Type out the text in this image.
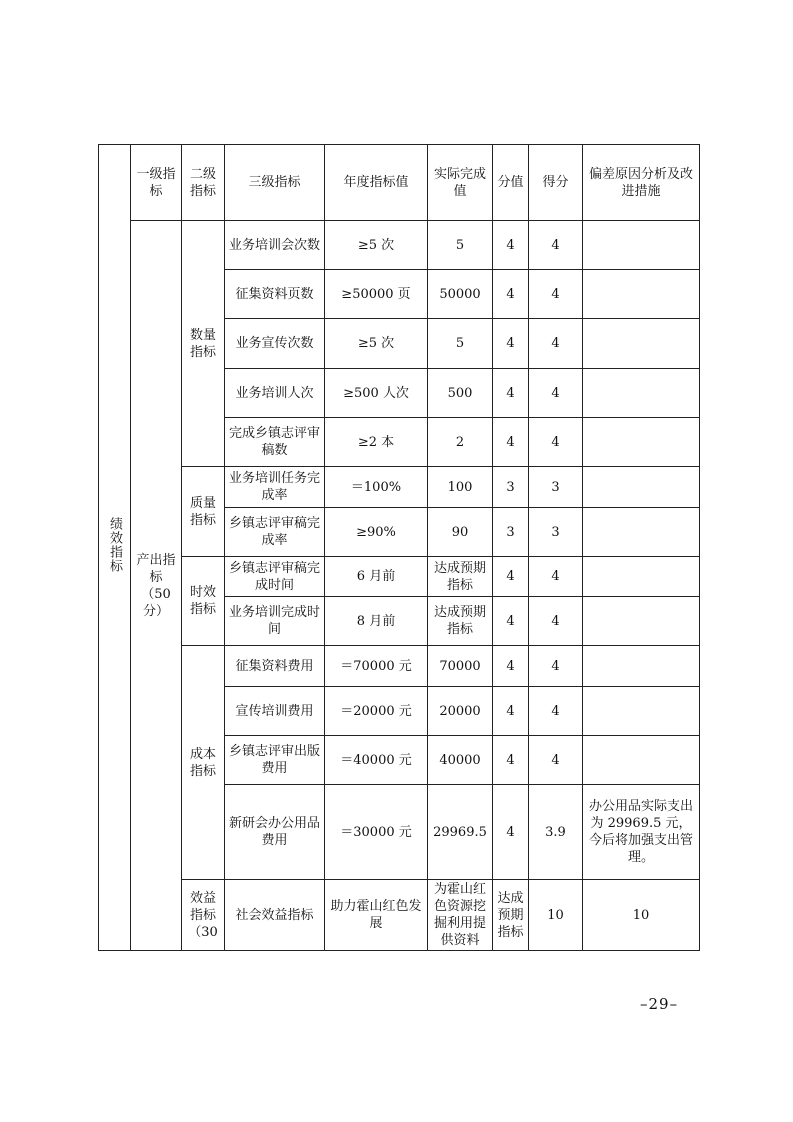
绩效指标	一级指标	二级指标	三级指标	年度指标值	实际完成值	分值	得分	偏差原因分析及改进措施	
	产出指标（50分）	数量指标	业务培训会次数	≥5 次	5	4	4		
			征集资料页数	≥50000 页	50000	4	4		
			业务宣传次数	≥5 次	5	4	4		
			业务培训人次	≥500 人次	500	4	4		
			完成乡镇志评审稿数	≥2 本	2	4	4		
		质量指标	业务培训任务完成率	＝100%	100	3	3		
			乡镇志评审稿完成率	≥90%	90	3	3		
		时效指标	乡镇志评审稿完成时间	6 月前	达成预期指标	4	4		
			业务培训完成时间	8 月前	达成预期指标	4	4		
		成本指标	征集资料费用	＝70000 元	70000	4	4		
			宣传培训费用	＝20000 元	20000	4	4		
			乡镇志评审出版费用	＝40000 元	40000	4	4		
			新研会办公用品费用	＝30000 元	29969.5	4	3.9	办公用品实际支出为 29969.5 元，今后将加强支出管理。	
		效益指标（30	社会效益指标	助力霍山红色发展	为霍山红色资源挖掘利用提供资料	达成预期指标	10	10	
–29–
